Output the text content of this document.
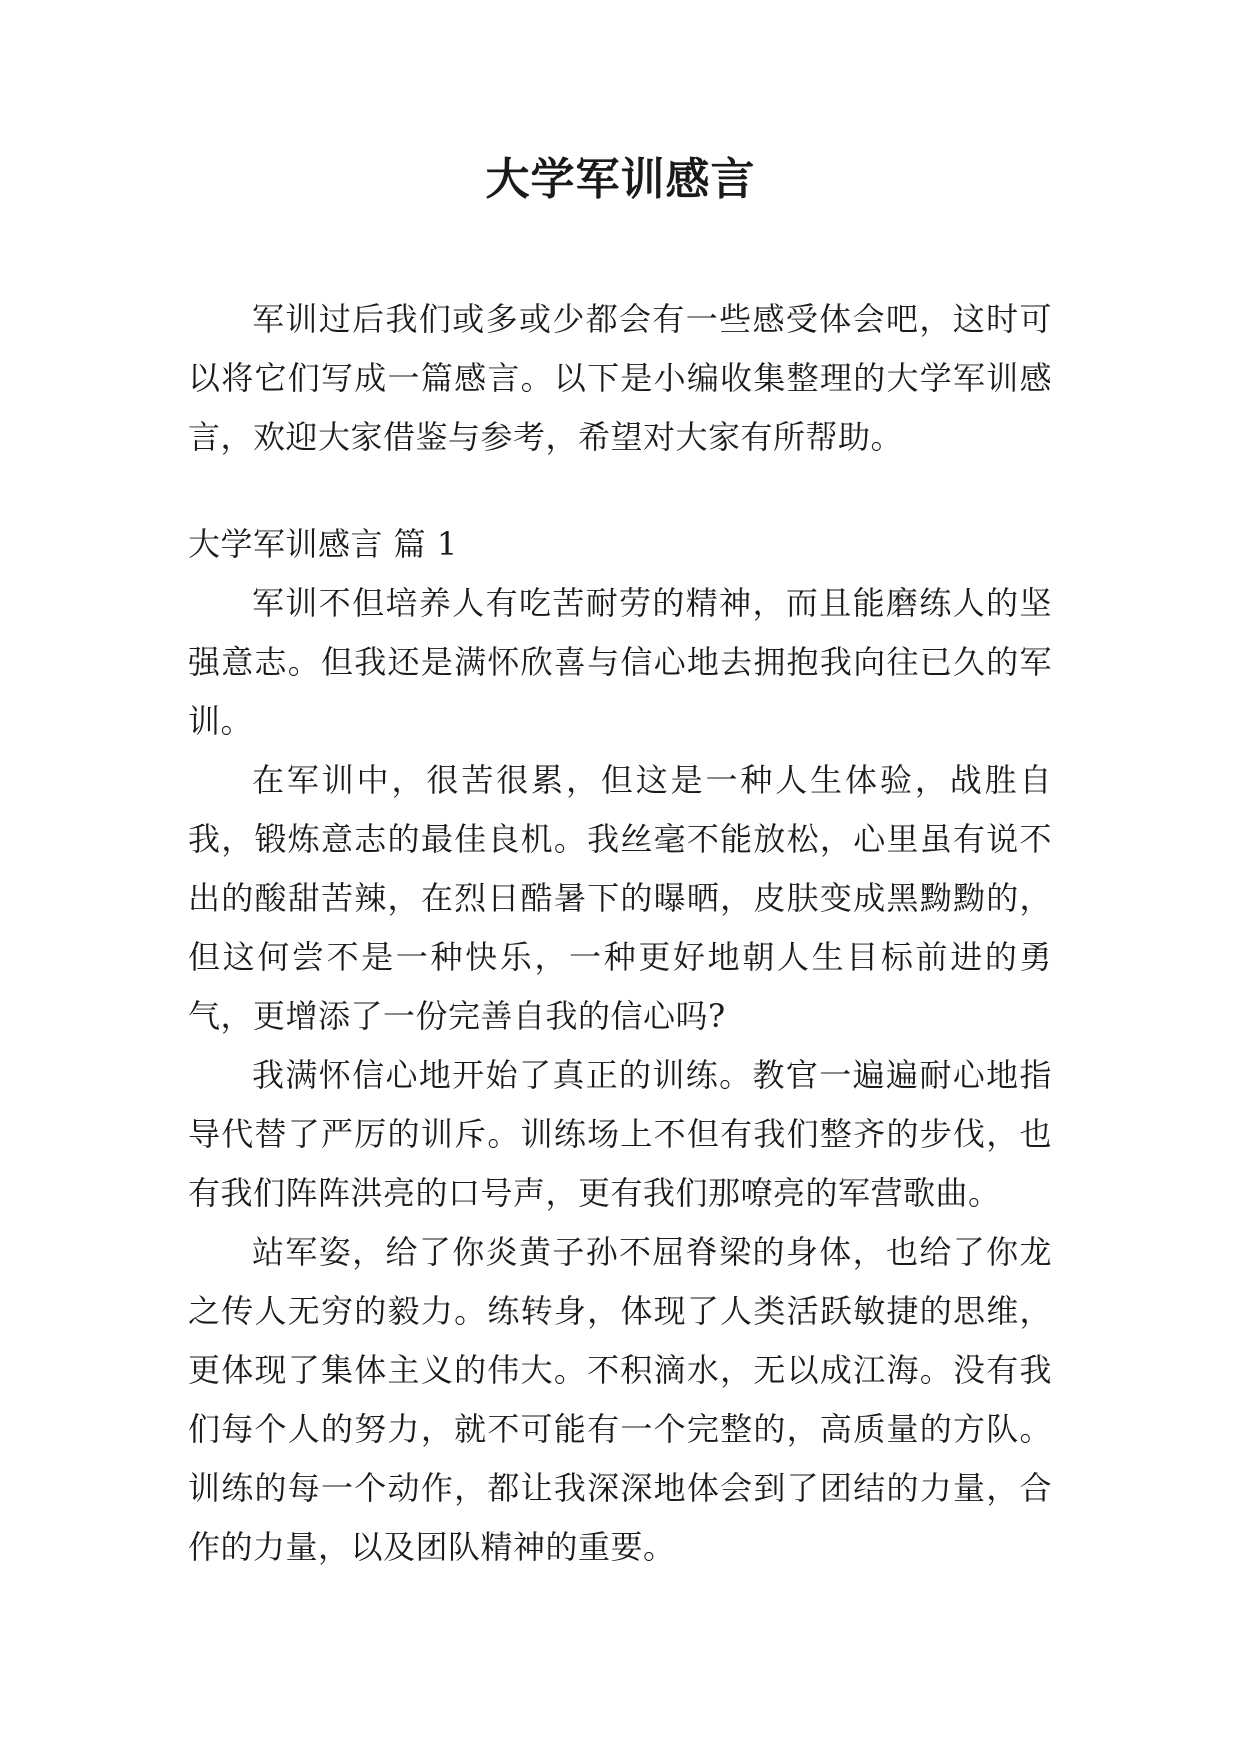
大学军训感言

军训过后我们或多或少都会有一些感受体会吧，这时可以将它们写成一篇感言。以下是小编收集整理的大学军训感言，欢迎大家借鉴与参考，希望对大家有所帮助。

大学军训感言 篇 1

军训不但培养人有吃苦耐劳的精神，而且能磨练人的坚强意志。但我还是满怀欣喜与信心地去拥抱我向往已久的军训。

在军训中，很苦很累，但这是一种人生体验，战胜自我，锻炼意志的最佳良机。我丝毫不能放松，心里虽有说不出的酸甜苦辣，在烈日酷暑下的曝晒，皮肤变成黑黝黝的，但这何尝不是一种快乐，一种更好地朝人生目标前进的勇气，更增添了一份完善自我的信心吗?

我满怀信心地开始了真正的训练。教官一遍遍耐心地指导代替了严厉的训斥。训练场上不但有我们整齐的步伐，也有我们阵阵洪亮的口号声，更有我们那嘹亮的军营歌曲。

站军姿，给了你炎黄子孙不屈脊梁的身体，也给了你龙之传人无穷的毅力。练转身，体现了人类活跃敏捷的思维，更体现了集体主义的伟大。不积滴水，无以成江海。没有我们每个人的努力，就不可能有一个完整的，高质量的方队。训练的每一个动作，都让我深深地体会到了团结的力量，合作的力量，以及团队精神的重要。
